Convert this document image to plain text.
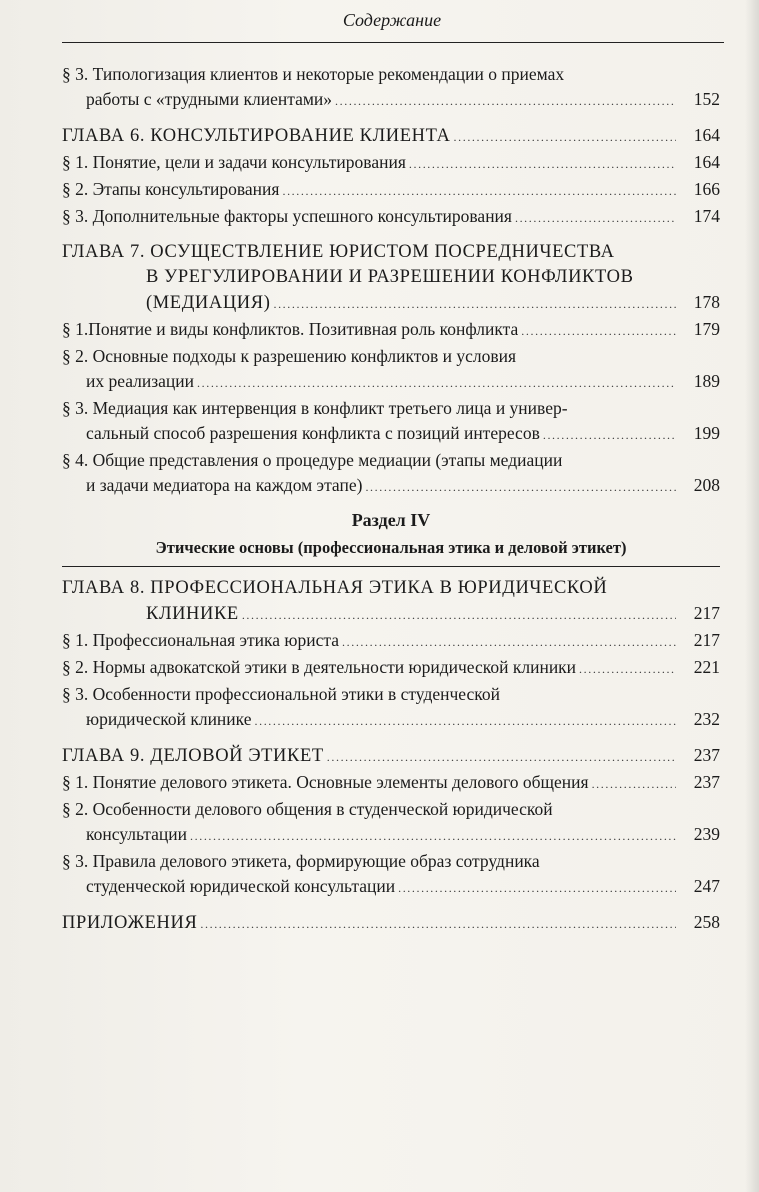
Содержание
§ 3. Типологизация клиентов и некоторые рекомендации о приемах
работы с «трудными клиентами» .....	152
ГЛАВА 6. КОНСУЛЬТИРОВАНИЕ КЛИЕНТА .....	164
§ 1. Понятие, цели и задачи консультирования .....	164
§ 2. Этапы консультирования .....	166
§ 3. Дополнительные факторы успешного консультирования .....	174
ГЛАВА 7. ОСУЩЕСТВЛЕНИЕ ЮРИСТОМ ПОСРЕДНИЧЕСТВА
В УРЕГУЛИРОВАНИИ И РАЗРЕШЕНИИ КОНФЛИКТОВ
(МЕДИАЦИЯ) .....	178
§ 1.Понятие и виды конфликтов. Позитивная роль конфликта .....	179
§ 2. Основные подходы к разрешению конфликтов и условия
их реализации .....	189
§ 3. Медиация как интервенция в конфликт третьего лица и универ-
сальный способ разрешения конфликта с позиций интересов .....	199
§ 4. Общие представления о процедуре медиации (этапы медиации
и задачи медиатора на каждом этапе) .....	208
Раздел IV
Этические основы (профессиональная этика и деловой этикет)
ГЛАВА 8. ПРОФЕССИОНАЛЬНАЯ ЭТИКА В ЮРИДИЧЕСКОЙ
КЛИНИКЕ .....	217
§ 1. Профессиональная этика юриста .....	217
§ 2. Нормы адвокатской этики в деятельности юридической клиники .....	221
§ 3. Особенности профессиональной этики в студенческой
юридической клинике .....	232
ГЛАВА 9. ДЕЛОВОЙ ЭТИКЕТ .....	237
§ 1. Понятие делового этикета. Основные элементы делового общения .....	237
§ 2. Особенности делового общения в студенческой юридической
консультации .....	239
§ 3. Правила делового этикета, формирующие образ сотрудника
студенческой юридической консультации .....	247
ПРИЛОЖЕНИЯ .....	258
